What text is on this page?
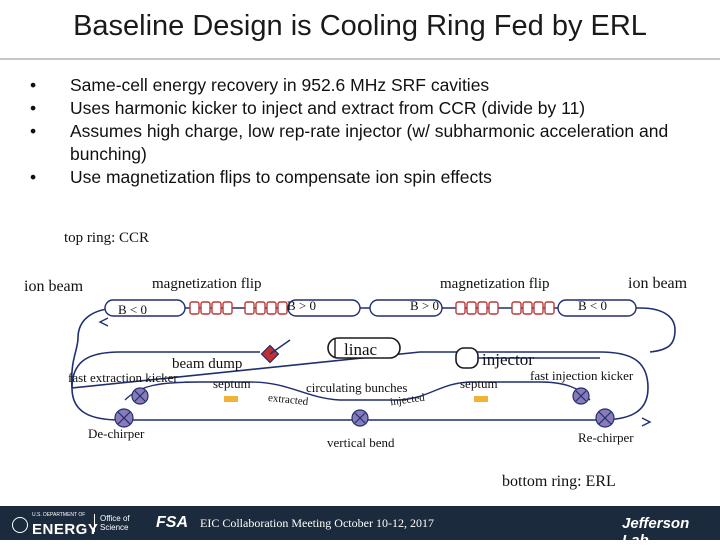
Baseline Design is Cooling Ring Fed by ERL
• Same-cell energy recovery in 952.6 MHz SRF cavities
• Uses harmonic kicker to inject and extract from CCR (divide by 11)
• Assumes high charge, low rep-rate injector (w/ subharmonic acceleration and bunching)
• Use magnetization flips to compensate ion spin effects
top ring: CCR
ion beam	magnetization flip	magnetization flip	ion beam
B < 0	B > 0	B > 0	B < 0
linac
injector
beam dump
fast extraction kicker	septum	septum
fast injection kicker
circulating bunches
extracted	injected
De-chirper	Re-chirper
vertical bend
bottom ring: ERL
U.S. DEPARTMENT OF
ENERGY
Office of
Science FSA EIC Collaboration Meeting October 10-12, 2017	Jefferson Lab
